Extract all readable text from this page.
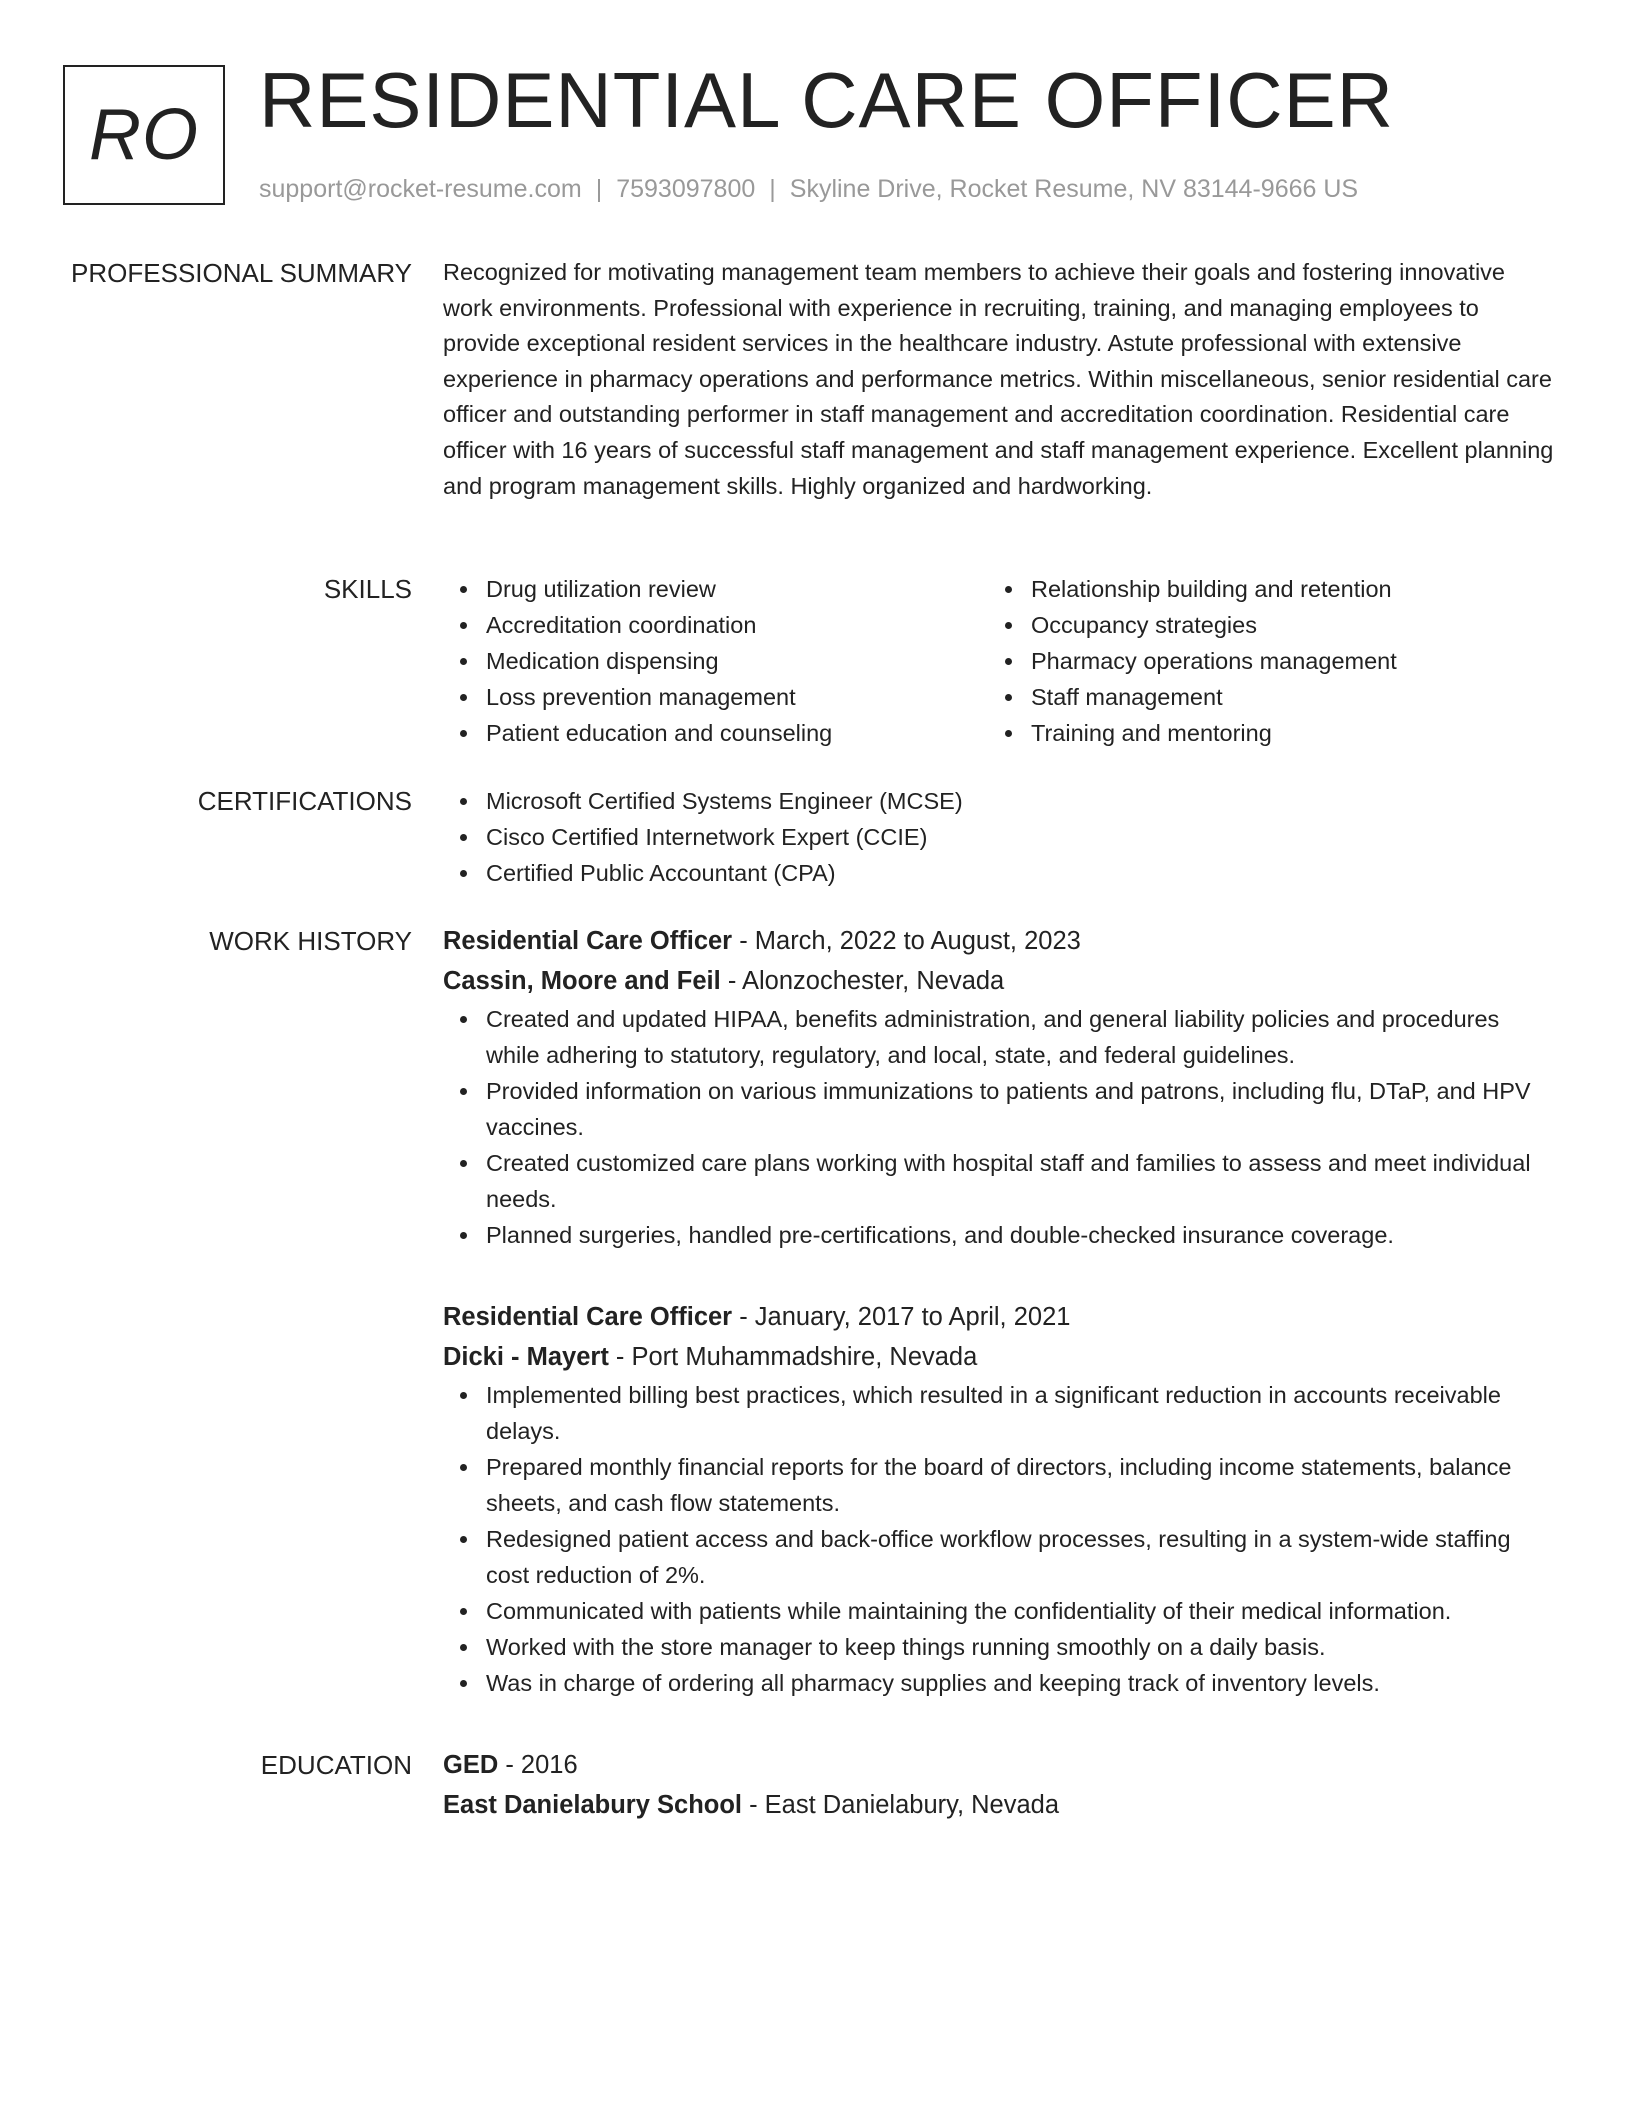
RO RESIDENTIAL CARE OFFICER
support@rocket-resume.com | 7593097800 | Skyline Drive, Rocket Resume, NV 83144-9666 US
PROFESSIONAL SUMMARY Recognized for motivating management team members to achieve their goals and fostering innovative work environments. Professional with experience in recruiting, training, and managing employees to provide exceptional resident services in the healthcare industry. Astute professional with extensive experience in pharmacy operations and performance metrics. Within miscellaneous, senior residential care officer and outstanding performer in staff management and accreditation coordination. Residential care officer with 16 years of successful staff management and staff management experience. Excellent planning and program management skills. Highly organized and hardworking.

SKILLS	Drug utilization review
Accreditation coordination
Medication dispensing
Loss prevention management
Patient education and counseling
Relationship building and retention
Occupancy strategies
Pharmacy operations management
Staff management
Training and mentoring
CERTIFICATIONS	Microsoft Certified Systems Engineer (MCSE)
Cisco Certified Internetwork Expert (CCIE)
Certified Public Accountant (CPA)
WORK HISTORY Residential Care Officer - March, 2022 to August, 2023
Cassin, Moore and Feil - Alonzochester, Nevada
Created and updated HIPAA, benefits administration, and general liability policies and procedures while adhering to statutory, regulatory, and local, state, and federal guidelines.
Provided information on various immunizations to patients and patrons, including flu, DTaP, and HPV vaccines.
Created customized care plans working with hospital staff and families to assess and meet individual needs.
Planned surgeries, handled pre-certifications, and double-checked insurance coverage.
Residential Care Officer - January, 2017 to April, 2021
Dicki - Mayert - Port Muhammadshire, Nevada
Implemented billing best practices, which resulted in a significant reduction in accounts receivable delays.
Prepared monthly financial reports for the board of directors, including income statements, balance sheets, and cash flow statements.
Redesigned patient access and back-office workflow processes, resulting in a system-wide staffing cost reduction of 2%.
Communicated with patients while maintaining the confidentiality of their medical information.
Worked with the store manager to keep things running smoothly on a daily basis.
Was in charge of ordering all pharmacy supplies and keeping track of inventory levels.
EDUCATION GED - 2016
East Danielabury School - East Danielabury, Nevada
